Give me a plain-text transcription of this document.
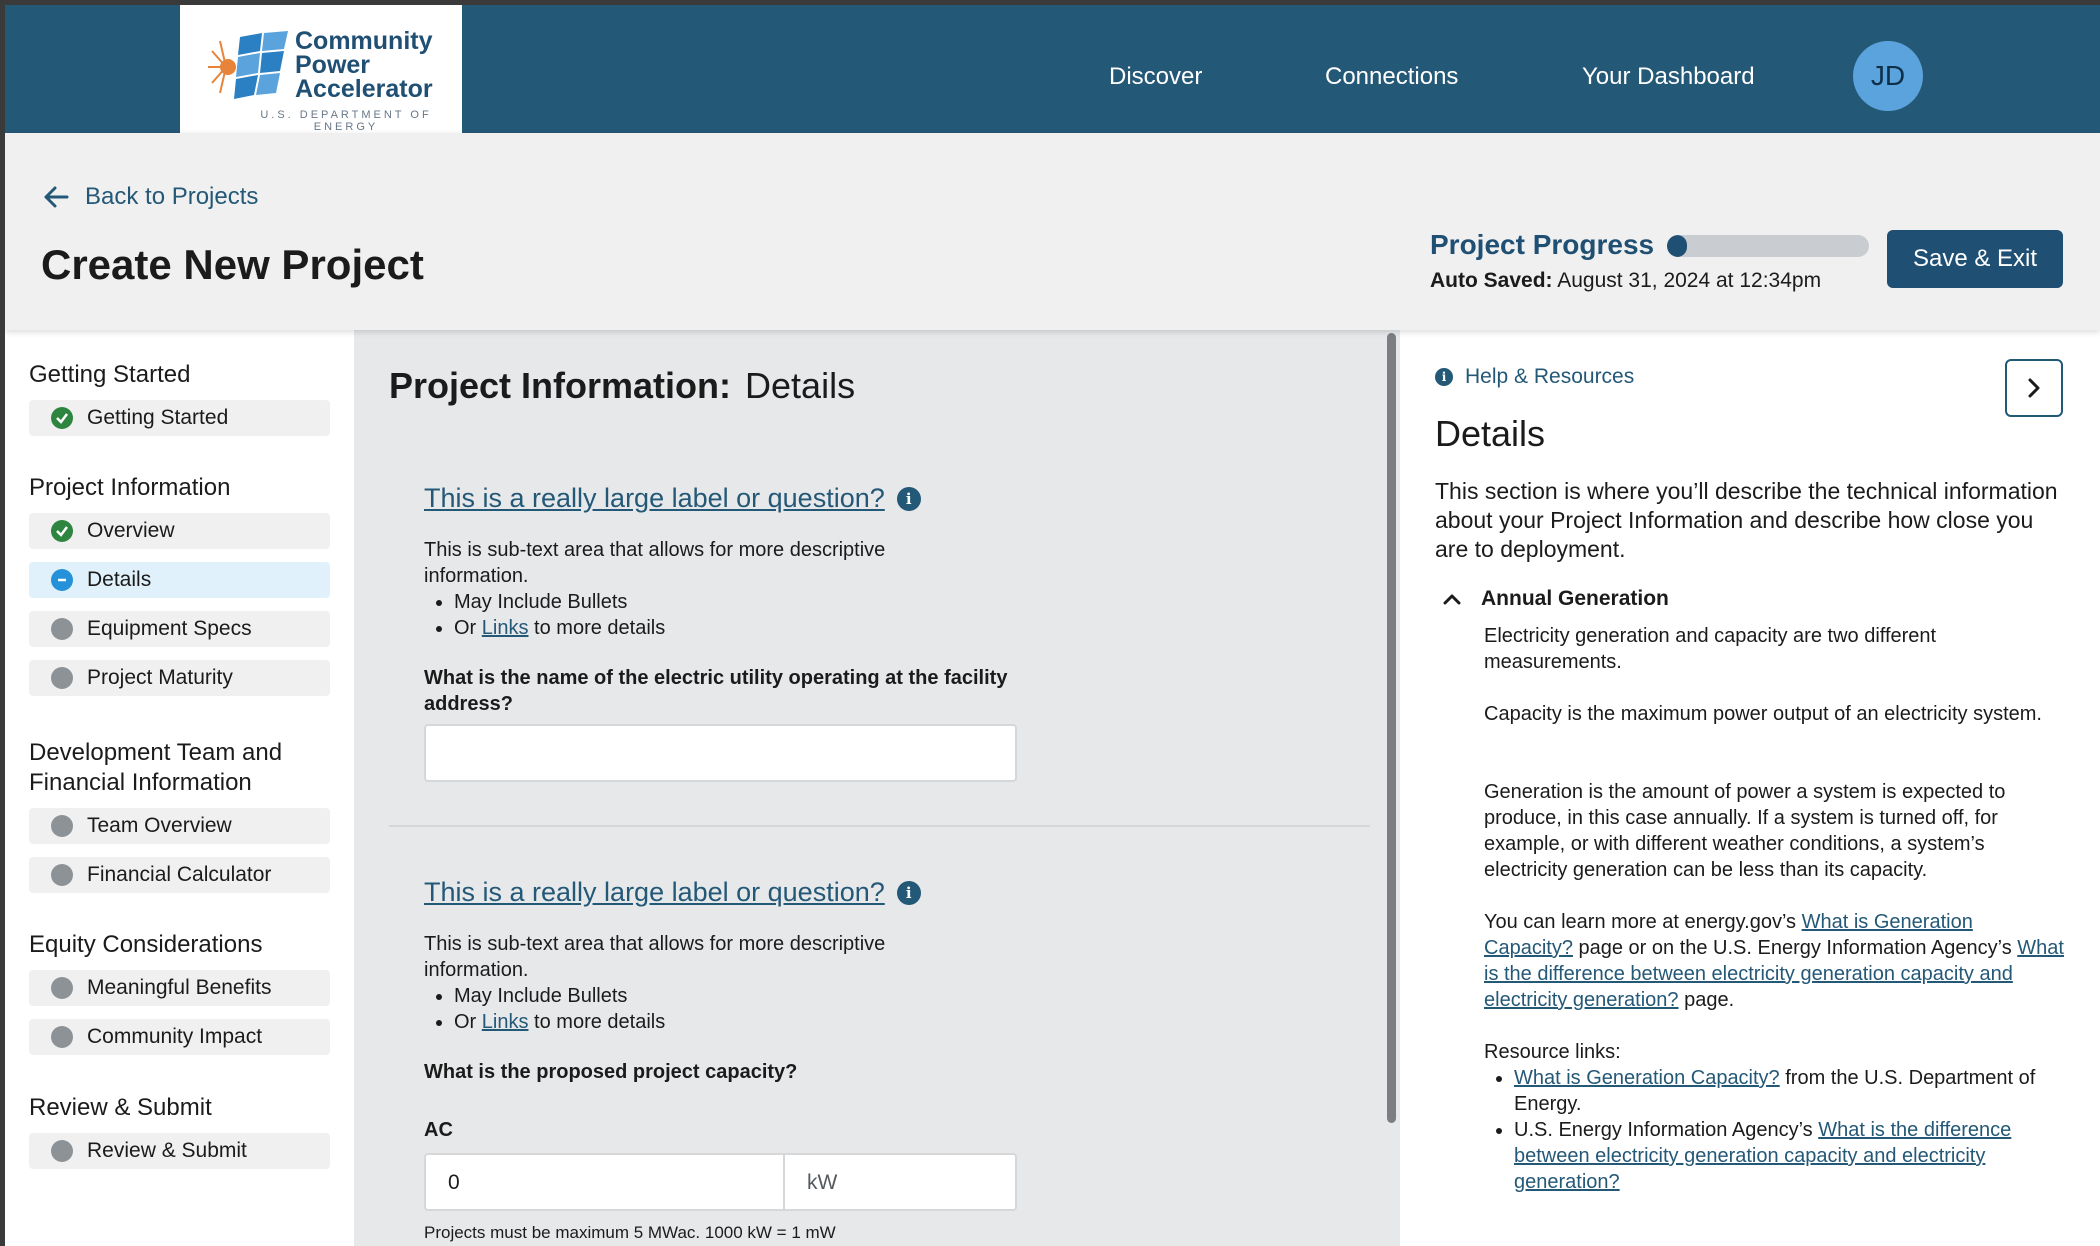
Community
Power
Accelerator
U.S. DEPARTMENT OF ENERGY
Discover	Connections	Your Dashboard	JD
Back to Projects
Create New Project	Project Progress
Auto Saved: August 31, 2024 at 12:34pm
Save & Exit
Getting Started
Getting Started
Project Information
Overview
Details
Equipment Specs
Project Maturity
Development Team and
Financial Information
Team Overview
Financial Calculator
Equity Considerations
Meaningful Benefits
Community Impact
Review & Submit
Review & Submit
Project Information: Details
This is a really large label or question?	i
This is sub-text area that allows for more descriptive information.
• May Include Bullets
• Or Links to more details
What is the name of the electric utility operating at the facility address?
This is a really large label or question?	i
This is sub-text area that allows for more descriptive information.
• May Include Bullets
• Or Links to more details
What is the proposed project capacity?
AC
0	kW
Projects must be maximum 5 MWac. 1000 kW = 1 mW
i Help & Resources
Details
This section is where you’ll describe the technical information about your Project Information and describe how close you are to deployment.
Annual Generation
Electricity generation and capacity are two different measurements.
Capacity is the maximum power output of an electricity system.
Generation is the amount of power a system is expected to produce, in this case annually. If a system is turned off, for example, or with different weather conditions, a system’s electricity generation can be less than its capacity.
You can learn more at energy.gov’s What is Generation Capacity? page or on the U.S. Energy Information Agency’s What is the difference between electricity generation capacity and electricity generation? page.
Resource links:
• What is Generation Capacity? from the U.S. Department of Energy.
• U.S. Energy Information Agency’s What is the difference between electricity generation capacity and electricity generation?
